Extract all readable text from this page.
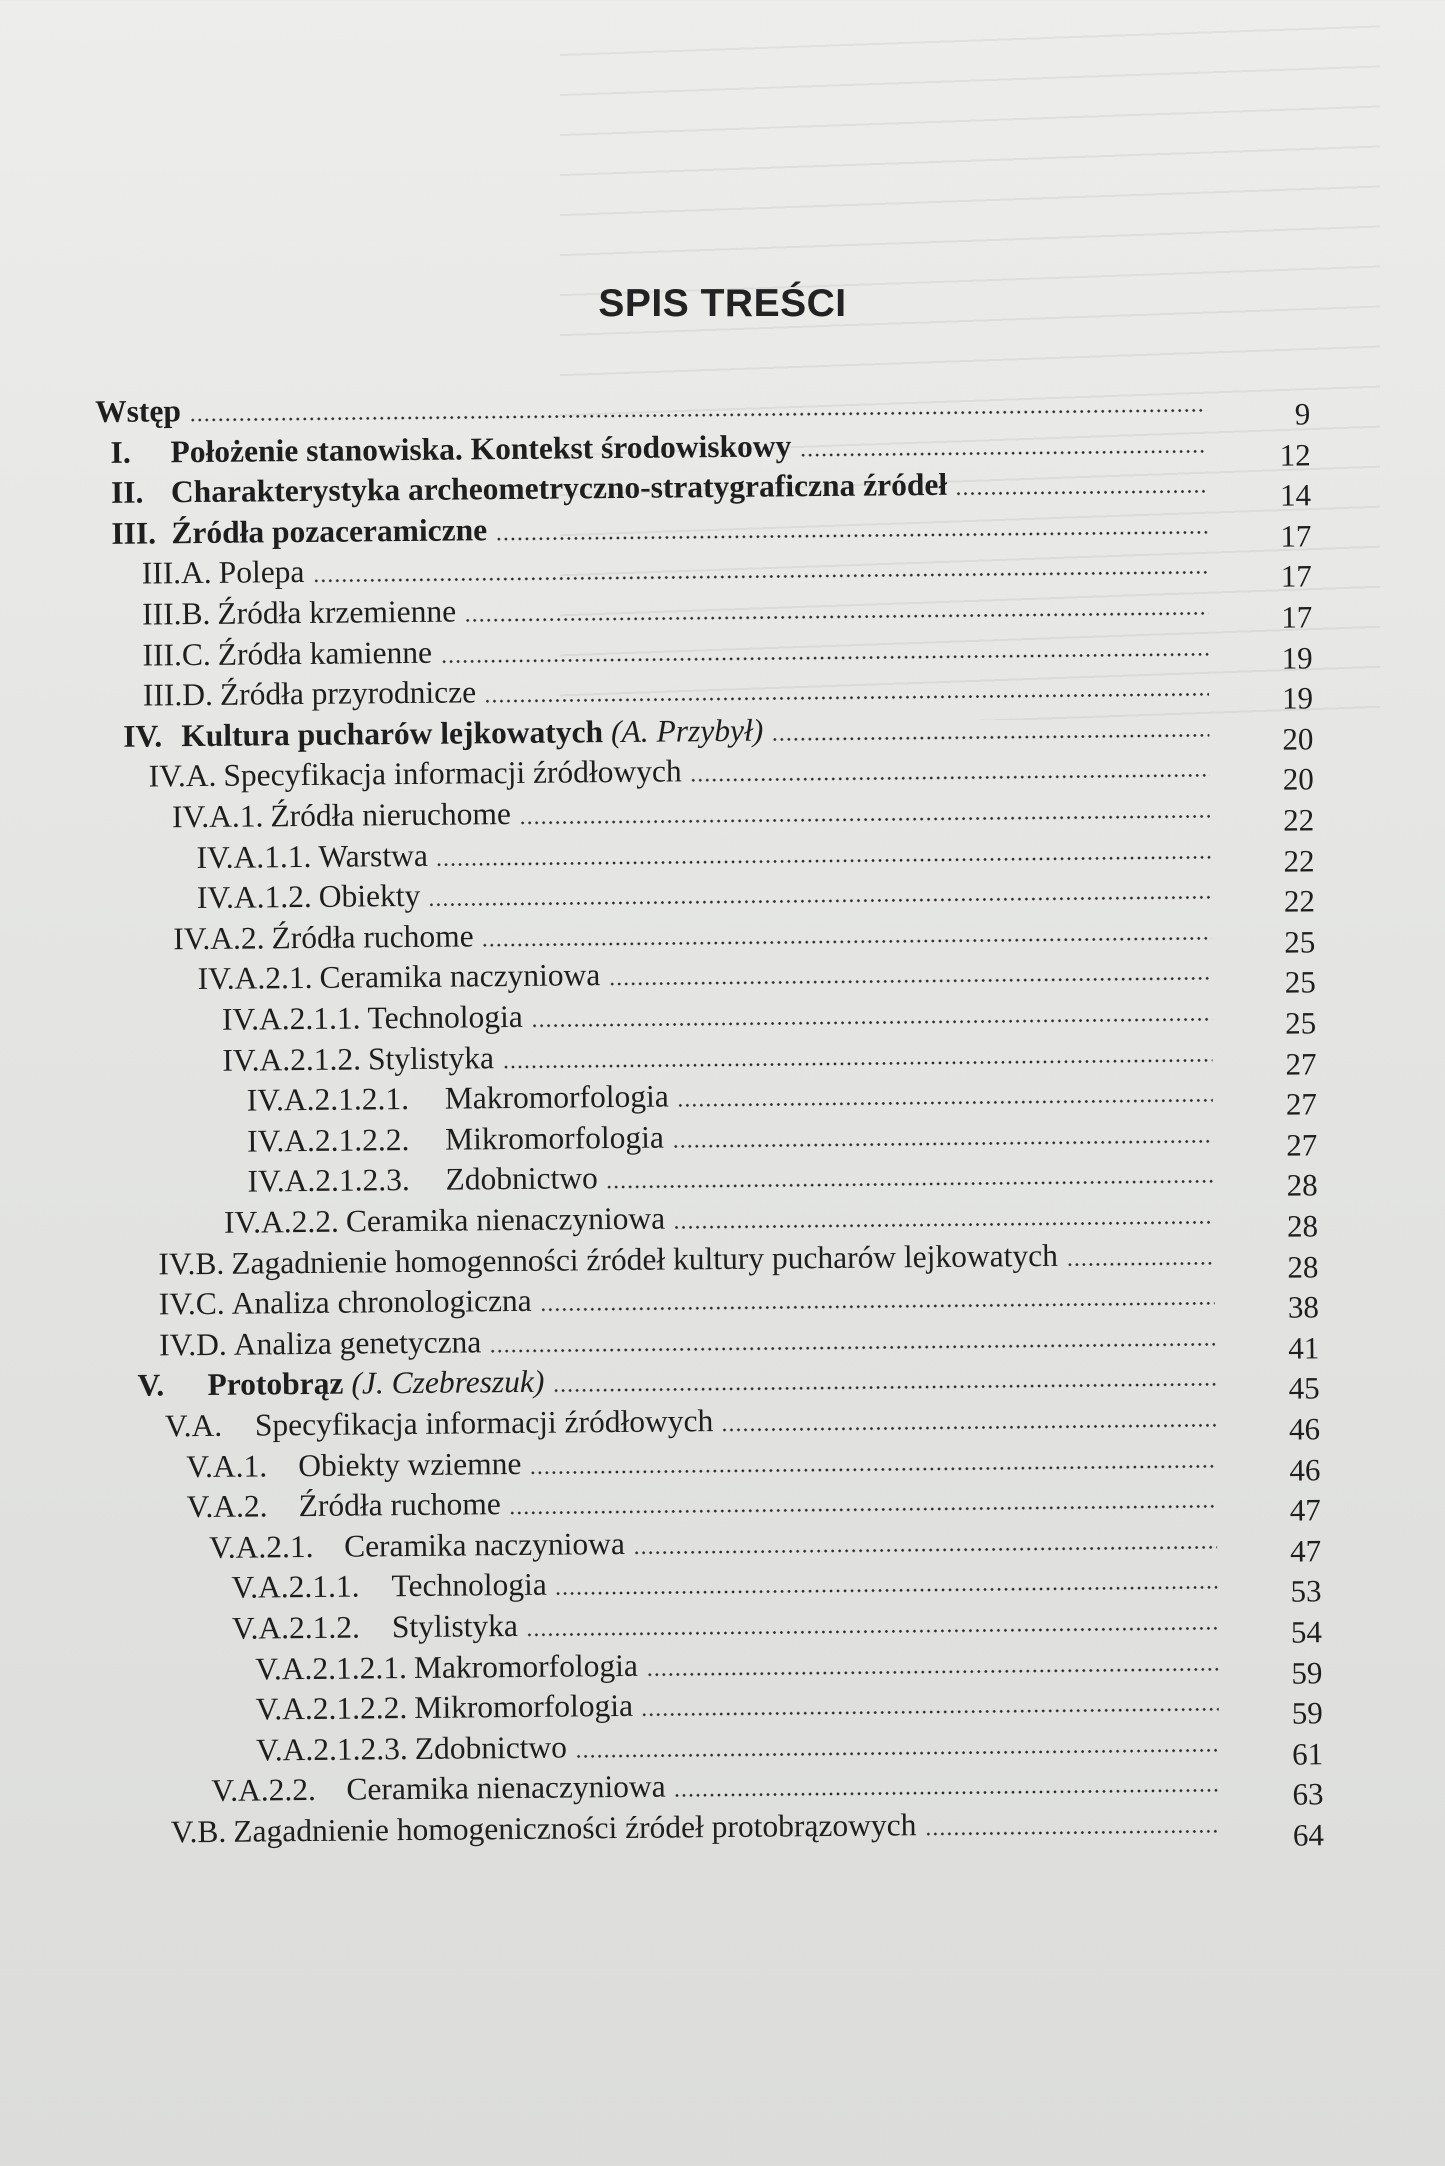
SPIS TREŚCI
Wstęp	9
I. Położenie stanowiska. Kontekst środowiskowy	12
II. Charakterystyka archeometryczno-stratygraficzna źródeł	14
III. Źródła pozaceramiczne	17
III.A. Polepa	17
III.B. Źródła krzemienne	17
III.C. Źródła kamienne	19
III.D. Źródła przyrodnicze	19
IV. Kultura pucharów lejkowatych (A. Przybył)	20
IV.A. Specyfikacja informacji źródłowych	20
IV.A.1. Źródła nieruchome	22
IV.A.1.1. Warstwa	22
IV.A.1.2. Obiekty	22
IV.A.2. Źródła ruchome	25
IV.A.2.1. Ceramika naczyniowa	25
IV.A.2.1.1. Technologia	25
IV.A.2.1.2. Stylistyka	27
IV.A.2.1.2.1. Makromorfologia	27
IV.A.2.1.2.2. Mikromorfologia	27
IV.A.2.1.2.3. Zdobnictwo	28
IV.A.2.2. Ceramika nienaczyniowa	28
IV.B. Zagadnienie homogenności źródeł kultury pucharów lejkowatych	28
IV.C. Analiza chronologiczna	38
IV.D. Analiza genetyczna	41
V. Protobrąz (J. Czebreszuk)	45
V.A. Specyfikacja informacji źródłowych	46
V.A.1. Obiekty wziemne	46
V.A.2. Źródła ruchome	47
V.A.2.1. Ceramika naczyniowa	47
V.A.2.1.1. Technologia	53
V.A.2.1.2. Stylistyka	54
V.A.2.1.2.1. Makromorfologia	59
V.A.2.1.2.2. Mikromorfologia	59
V.A.2.1.2.3. Zdobnictwo	61
V.A.2.2. Ceramika nienaczyniowa	63
V.B. Zagadnienie homogeniczności źródeł protobrązowych	64
